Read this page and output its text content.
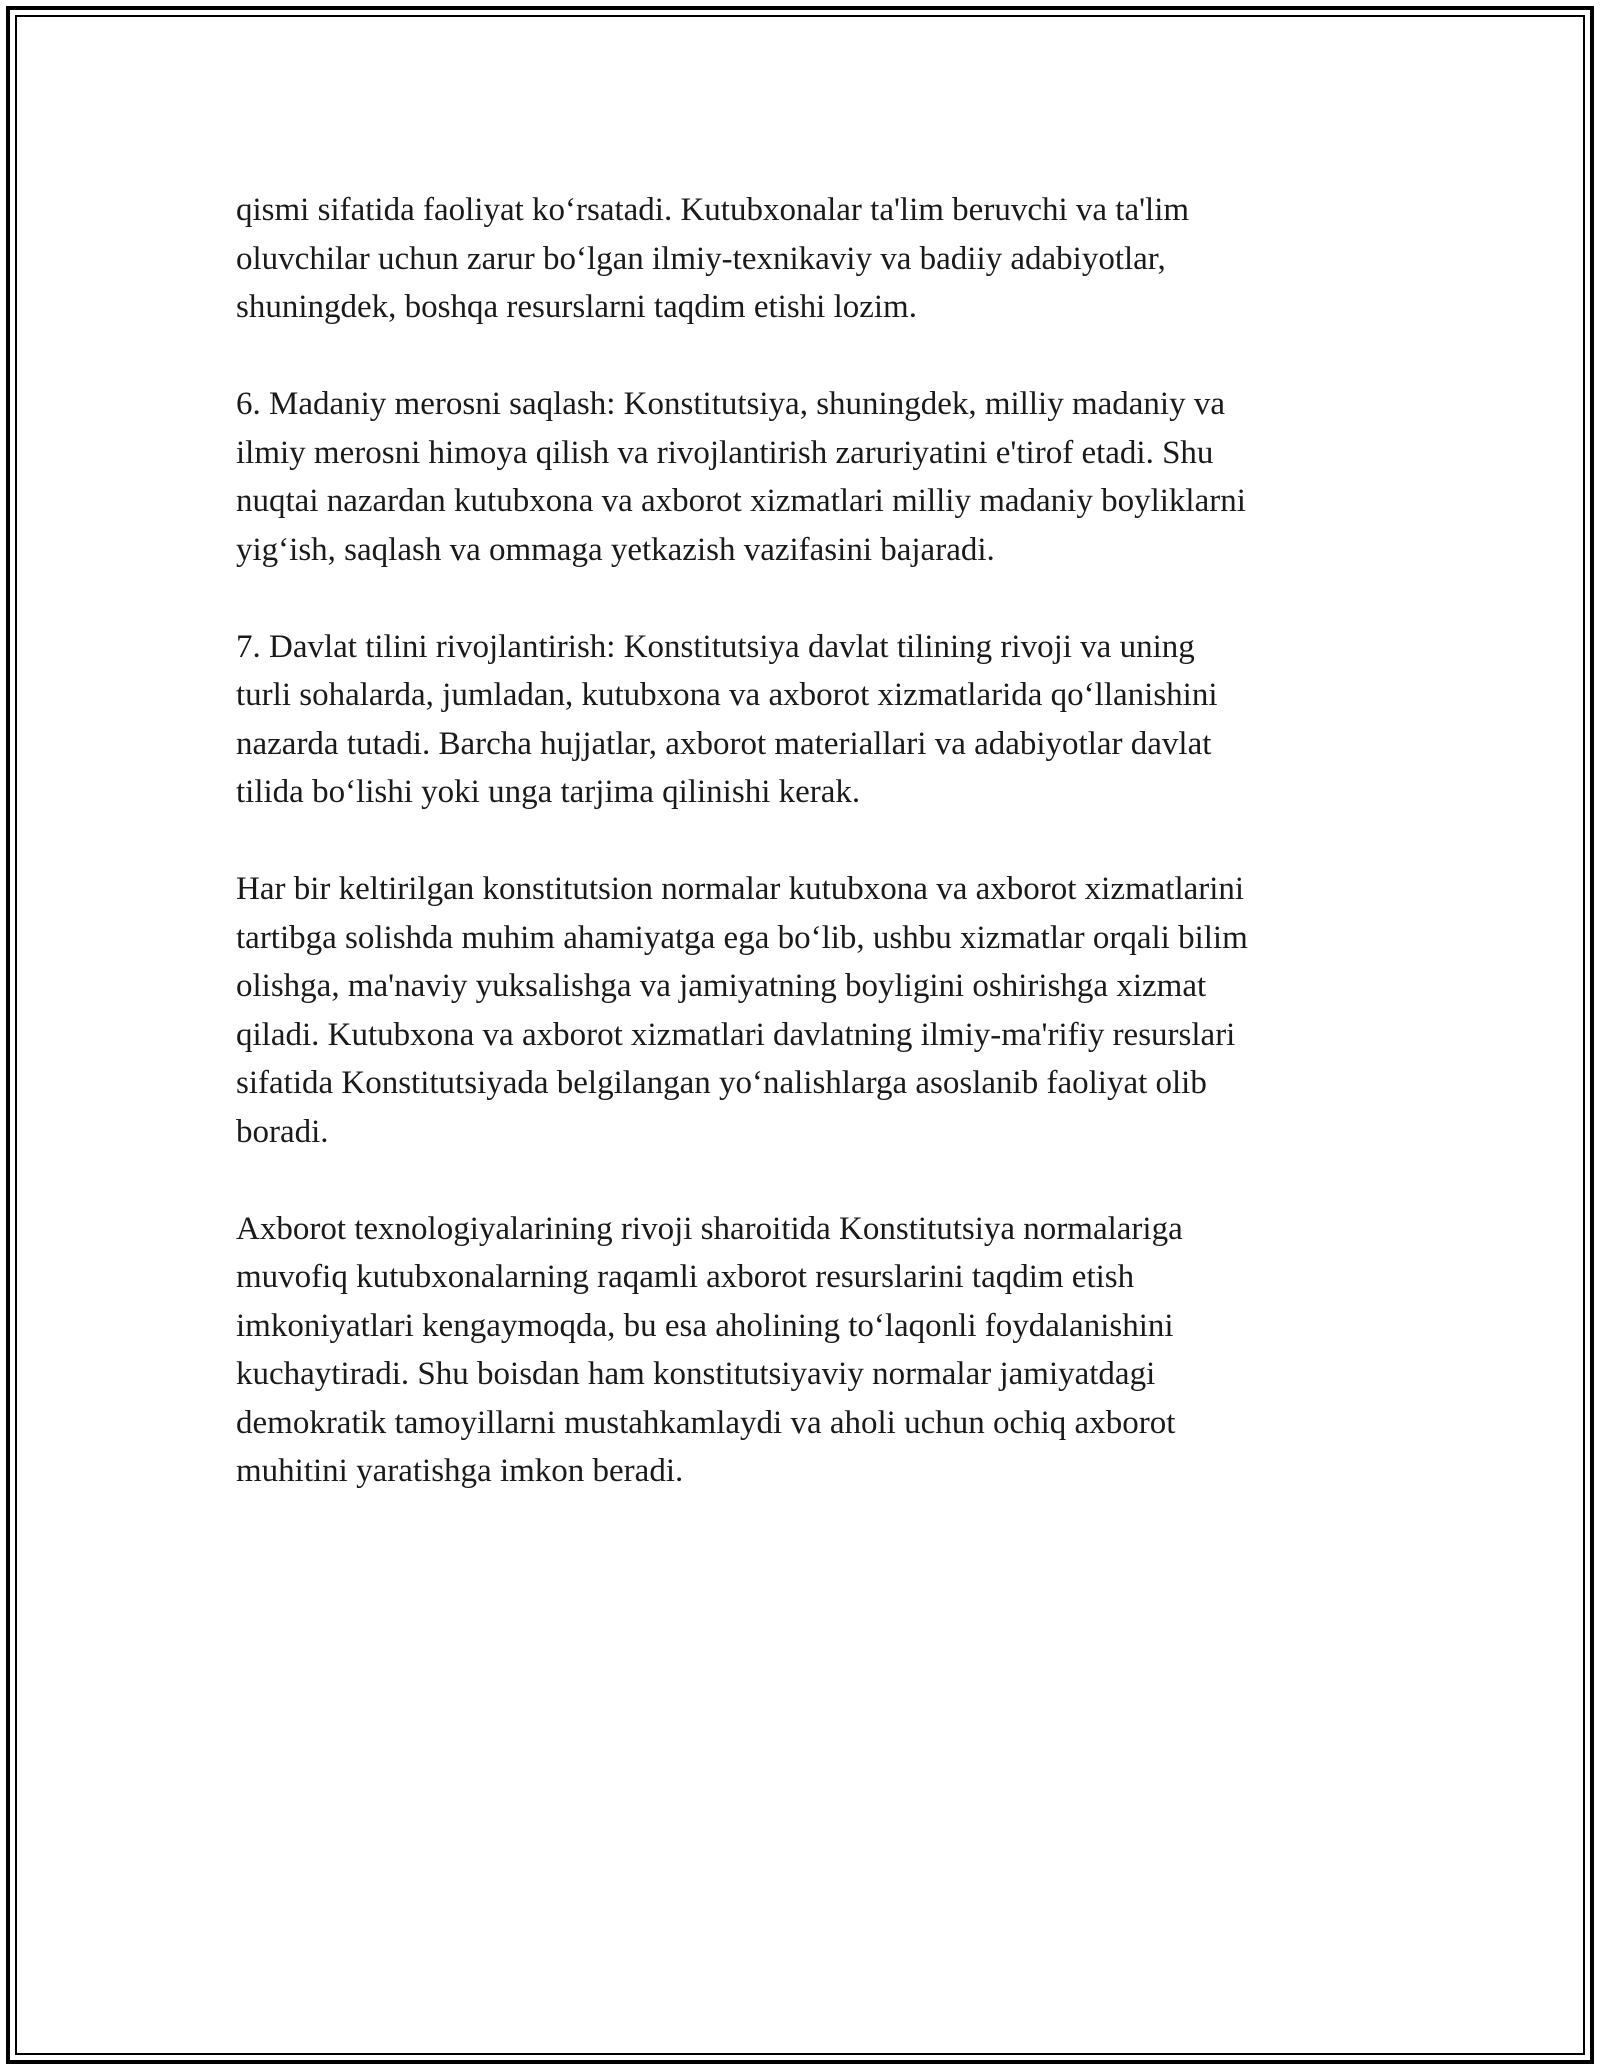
qismi sifatida faoliyat ko‘rsatadi. Kutubxonalar ta'lim beruvchi va ta'lim
oluvchilar uchun zarur bo‘lgan ilmiy-texnikaviy va badiiy adabiyotlar,
shuningdek, boshqa resurslarni taqdim etishi lozim.

6. Madaniy merosni saqlash: Konstitutsiya, shuningdek, milliy madaniy va
ilmiy merosni himoya qilish va rivojlantirish zaruriyatini e'tirof etadi. Shu
nuqtai nazardan kutubxona va axborot xizmatlari milliy madaniy boyliklarni
yig‘ish, saqlash va ommaga yetkazish vazifasini bajaradi.

7. Davlat tilini rivojlantirish: Konstitutsiya davlat tilining rivoji va uning
turli sohalarda, jumladan, kutubxona va axborot xizmatlarida qo‘llanishini
nazarda tutadi. Barcha hujjatlar, axborot materiallari va adabiyotlar davlat
tilida bo‘lishi yoki unga tarjima qilinishi kerak.

Har bir keltirilgan konstitutsion normalar kutubxona va axborot xizmatlarini
tartibga solishda muhim ahamiyatga ega bo‘lib, ushbu xizmatlar orqali bilim
olishga, ma'naviy yuksalishga va jamiyatning boyligini oshirishga xizmat
qiladi. Kutubxona va axborot xizmatlari davlatning ilmiy-ma'rifiy resurslari
sifatida Konstitutsiyada belgilangan yo‘nalishlarga asoslanib faoliyat olib
boradi.

Axborot texnologiyalarining rivoji sharoitida Konstitutsiya normalariga
muvofiq kutubxonalarning raqamli axborot resurslarini taqdim etish
imkoniyatlari kengaymoqda, bu esa aholining to‘laqonli foydalanishini
kuchaytiradi. Shu boisdan ham konstitutsiyaviy normalar jamiyatdagi
demokratik tamoyillarni mustahkamlaydi va aholi uchun ochiq axborot
muhitini yaratishga imkon beradi.
